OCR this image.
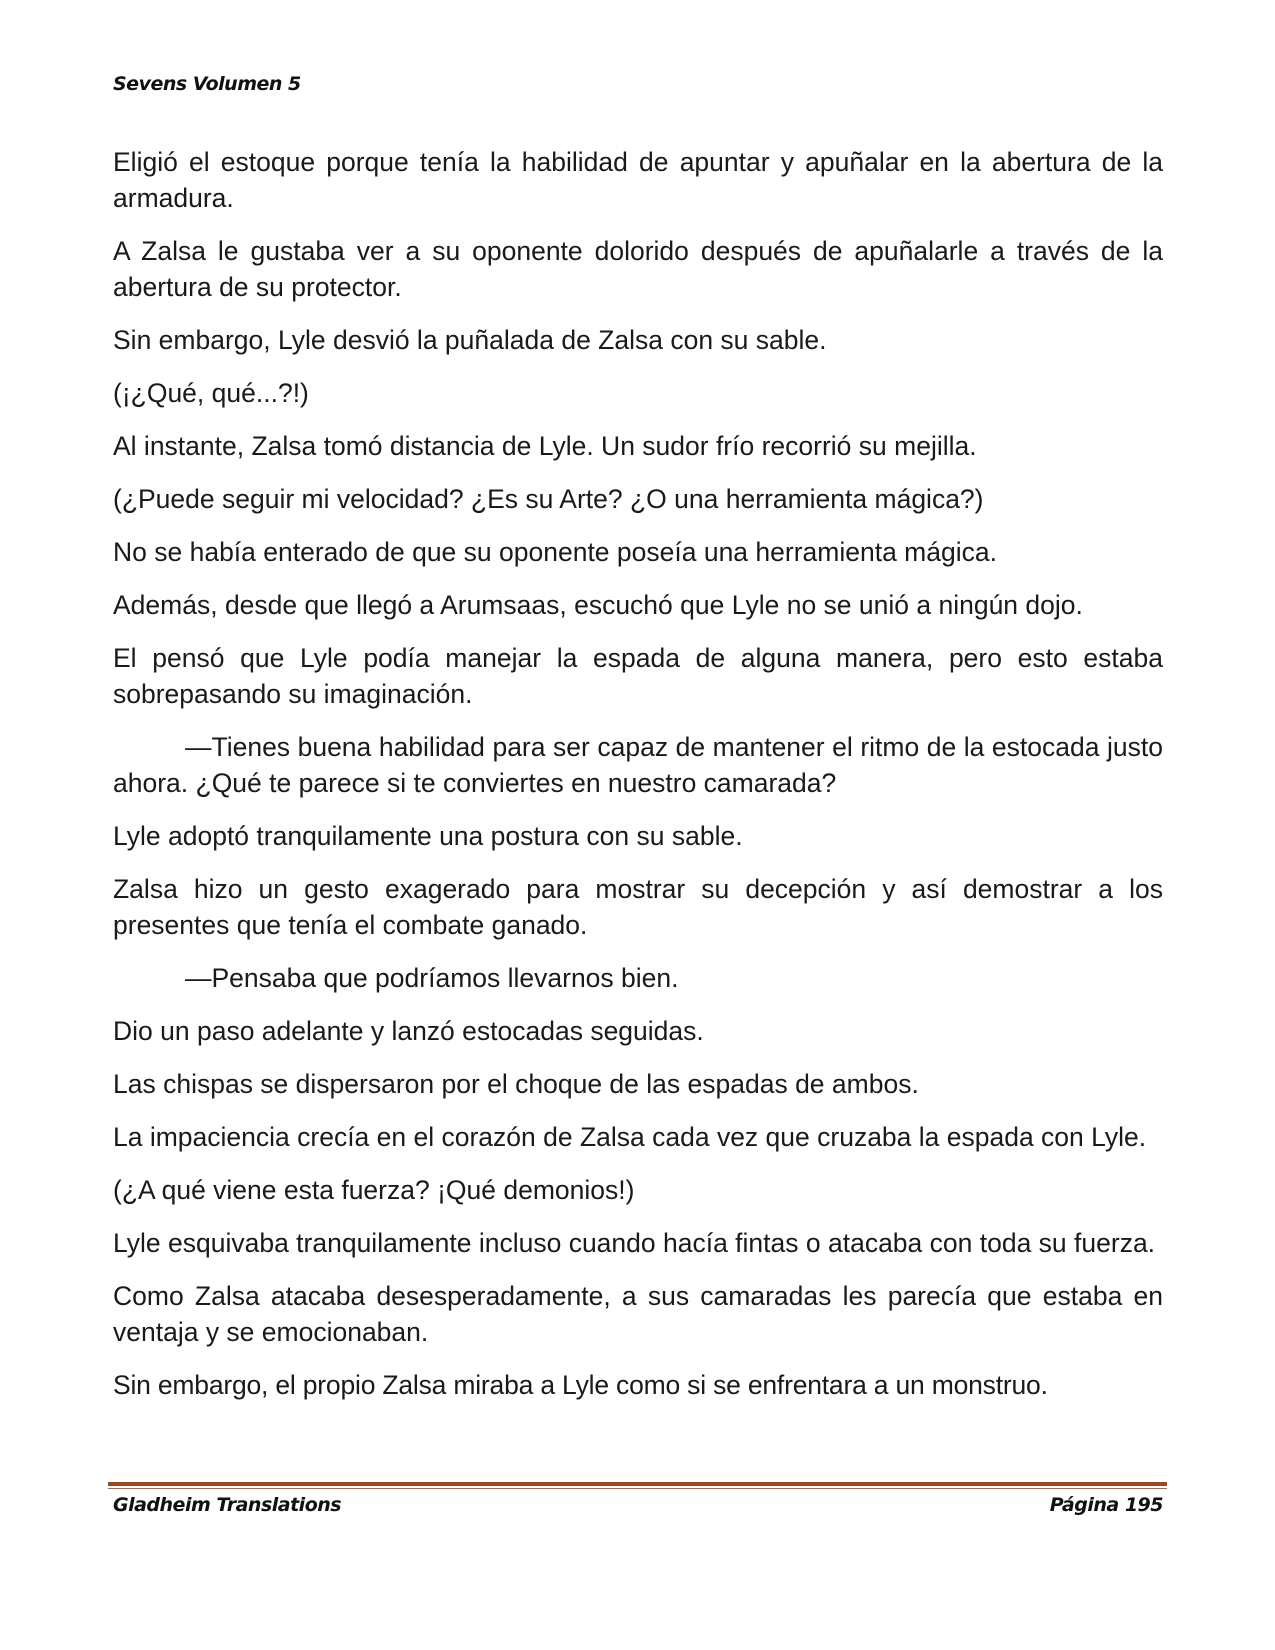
Sevens Volumen 5

Eligió el estoque porque tenía la habilidad de apuntar y apuñalar en la abertura de la armadura.

A Zalsa le gustaba ver a su oponente dolorido después de apuñalarle a través de la abertura de su protector.

Sin embargo, Lyle desvió la puñalada de Zalsa con su sable.

(¡¿Qué, qué...?!)

Al instante, Zalsa tomó distancia de Lyle. Un sudor frío recorrió su mejilla.

(¿Puede seguir mi velocidad? ¿Es su Arte? ¿O una herramienta mágica?)

No se había enterado de que su oponente poseía una herramienta mágica.

Además, desde que llegó a Arumsaas, escuchó que Lyle no se unió a ningún dojo.

El pensó que Lyle podía manejar la espada de alguna manera, pero esto estaba sobrepasando su imaginación.

—Tienes buena habilidad para ser capaz de mantener el ritmo de la estocada justo ahora. ¿Qué te parece si te conviertes en nuestro camarada?

Lyle adoptó tranquilamente una postura con su sable.

Zalsa hizo un gesto exagerado para mostrar su decepción y así demostrar a los presentes que tenía el combate ganado.

—Pensaba que podríamos llevarnos bien.

Dio un paso adelante y lanzó estocadas seguidas.

Las chispas se dispersaron por el choque de las espadas de ambos.

La impaciencia crecía en el corazón de Zalsa cada vez que cruzaba la espada con Lyle.

(¿A qué viene esta fuerza? ¡Qué demonios!)

Lyle esquivaba tranquilamente incluso cuando hacía fintas o atacaba con toda su fuerza.

Como Zalsa atacaba desesperadamente, a sus camaradas les parecía que estaba en ventaja y se emocionaban.

Sin embargo, el propio Zalsa miraba a Lyle como si se enfrentara a un monstruo.

Gladheim Translations	Página 195
